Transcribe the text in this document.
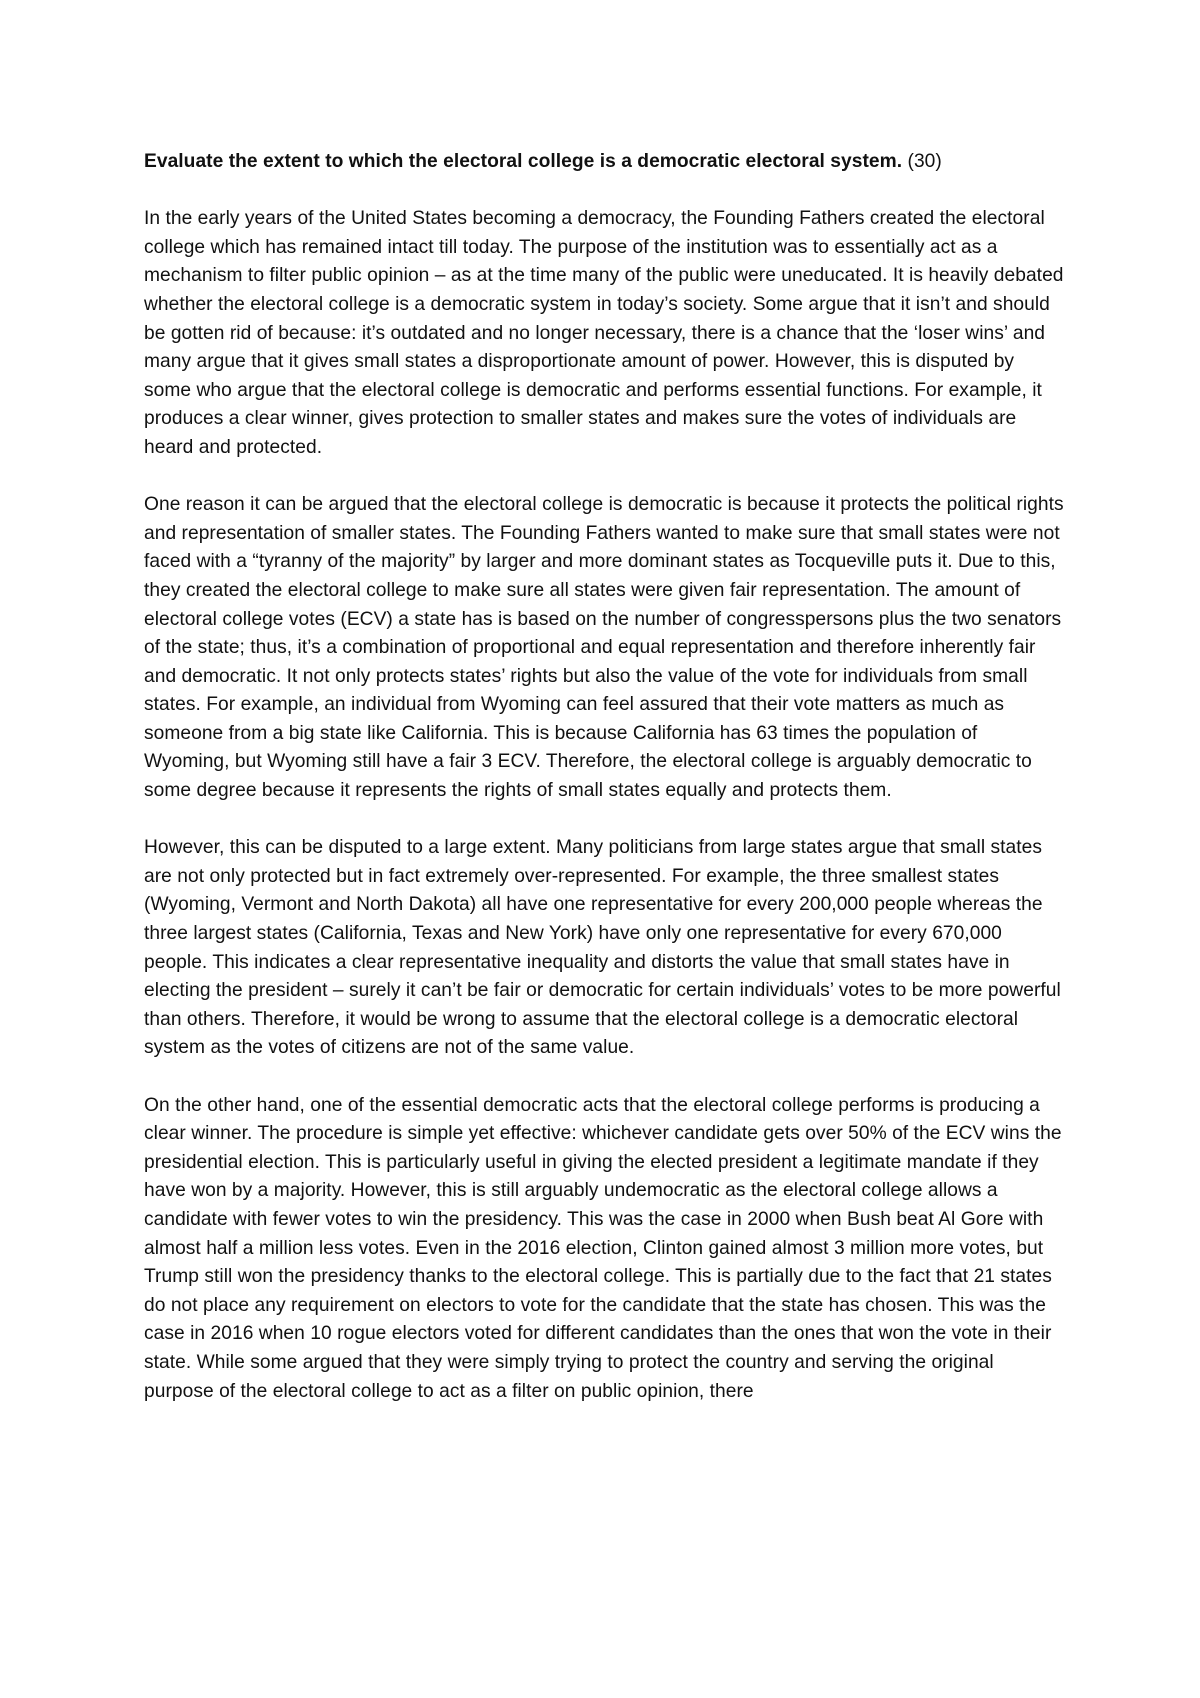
Evaluate the extent to which the electoral college is a democratic electoral system. (30)

In the early years of the United States becoming a democracy, the Founding Fathers created the electoral college which has remained intact till today. The purpose of the institution was to essentially act as a mechanism to filter public opinion – as at the time many of the public were uneducated. It is heavily debated whether the electoral college is a democratic system in today’s society. Some argue that it isn’t and should be gotten rid of because: it’s outdated and no longer necessary, there is a chance that the ‘loser wins’ and many argue that it gives small states a disproportionate amount of power. However, this is disputed by some who argue that the electoral college is democratic and performs essential functions. For example, it produces a clear winner, gives protection to smaller states and makes sure the votes of individuals are heard and protected.

One reason it can be argued that the electoral college is democratic is because it protects the political rights and representation of smaller states. The Founding Fathers wanted to make sure that small states were not faced with a “tyranny of the majority” by larger and more dominant states as Tocqueville puts it. Due to this, they created the electoral college to make sure all states were given fair representation. The amount of electoral college votes (ECV) a state has is based on the number of congresspersons plus the two senators of the state; thus, it’s a combination of proportional and equal representation and therefore inherently fair and democratic. It not only protects states’ rights but also the value of the vote for individuals from small states. For example, an individual from Wyoming can feel assured that their vote matters as much as someone from a big state like California. This is because California has 63 times the population of Wyoming, but Wyoming still have a fair 3 ECV. Therefore, the electoral college is arguably democratic to some degree because it represents the rights of small states equally and protects them.

However, this can be disputed to a large extent. Many politicians from large states argue that small states are not only protected but in fact extremely over-represented. For example, the three smallest states (Wyoming, Vermont and North Dakota) all have one representative for every 200,000 people whereas the three largest states (California, Texas and New York) have only one representative for every 670,000 people. This indicates a clear representative inequality and distorts the value that small states have in electing the president – surely it can’t be fair or democratic for certain individuals’ votes to be more powerful than others. Therefore, it would be wrong to assume that the electoral college is a democratic electoral system as the votes of citizens are not of the same value.

On the other hand, one of the essential democratic acts that the electoral college performs is producing a clear winner. The procedure is simple yet effective: whichever candidate gets over 50% of the ECV wins the presidential election. This is particularly useful in giving the elected president a legitimate mandate if they have won by a majority. However, this is still arguably undemocratic as the electoral college allows a candidate with fewer votes to win the presidency. This was the case in 2000 when Bush beat Al Gore with almost half a million less votes. Even in the 2016 election, Clinton gained almost 3 million more votes, but Trump still won the presidency thanks to the electoral college. This is partially due to the fact that 21 states do not place any requirement on electors to vote for the candidate that the state has chosen. This was the case in 2016 when 10 rogue electors voted for different candidates than the ones that won the vote in their state. While some argued that they were simply trying to protect the country and serving the original purpose of the electoral college to act as a filter on public opinion, there
